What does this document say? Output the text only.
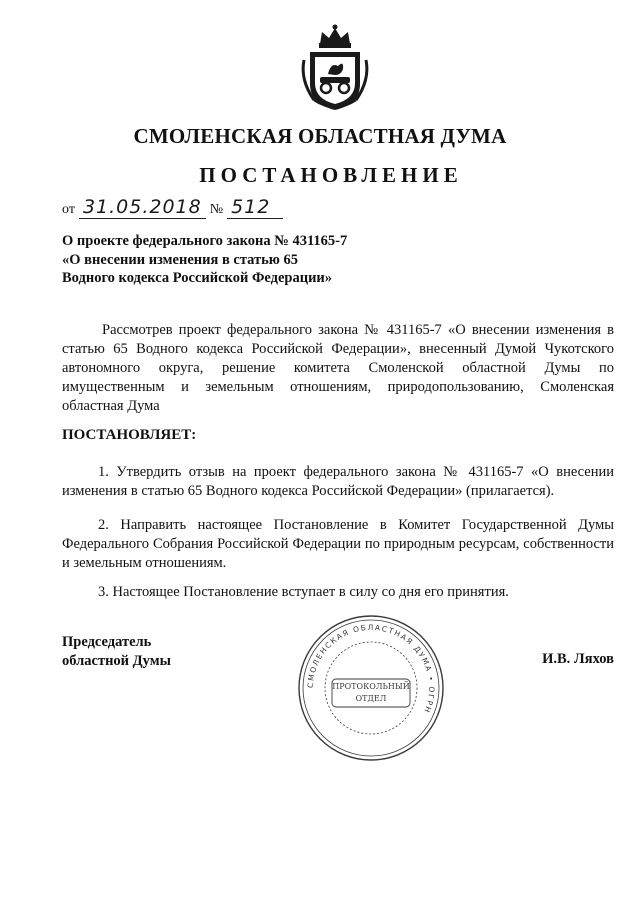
СМОЛЕНСКАЯ ОБЛАСТНАЯ ДУМА
ПОСТАНОВЛЕНИЕ
от 31.05.2018 № 512
О проекте федерального закона № 431165-7
«О внесении изменения в статью 65
Водного кодекса Российской Федерации»
Рассмотрев проект федерального закона № 431165-7 «О внесении изменения в статью 65 Водного кодекса Российской Федерации», внесенный Думой Чукотского автономного округа, решение комитета Смоленской областной Думы по имущественным и земельным отношениям, природопользованию, Смоленская областная Дума
ПОСТАНОВЛЯЕТ:
1. Утвердить отзыв на проект федерального закона № 431165-7 «О внесении изменения в статью 65 Водного кодекса Российской Федерации» (прилагается).
2. Направить настоящее Постановление в Комитет Государственной Думы Федерального Собрания Российской Федерации по природным ресурсам, собственности и земельным отношениям.
3. Настоящее Постановление вступает в силу со дня его принятия.
Председатель
областной Думы	И.В. Ляхов
СМОЛЕНСКАЯ ОБЛАСТНАЯ ДУМА • ОГРН
ПРОТОКОЛЬНЫЙ ОТДЕЛ
